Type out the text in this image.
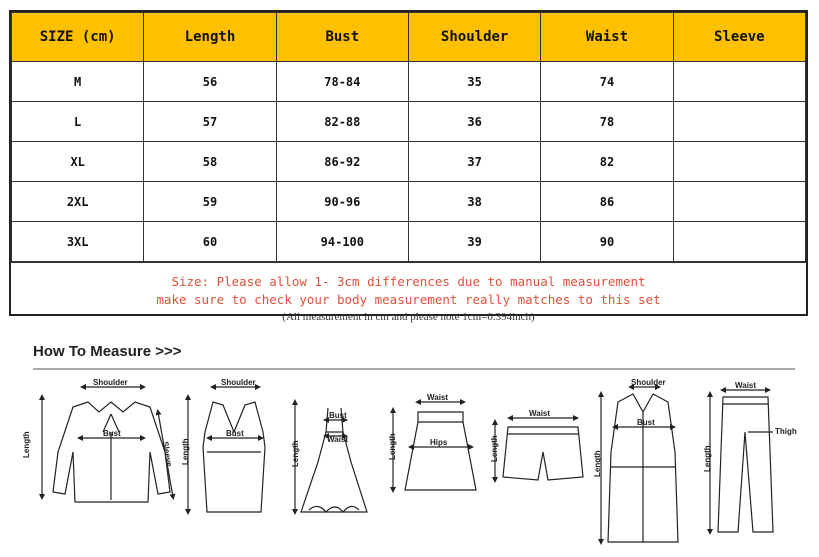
SIZE (cm)	Length	Bust	Shoulder	Waist	Sleeve
M	56	78-84	35	74	
L	57	82-88	36	78	
XL	58	86-92	37	82	
2XL	59	90-96	38	86	
3XL	60	94-100	39	90	
Size: Please allow 1- 3cm differences due to manual measurement
make sure to check your body measurement really matches to this set
(All measurement in cm and please note 1cm=0.394inch)
How To Measure >>>
Shoulder
Bust
Length	Sleeve
Shoulder
Bust
Length
Bust
Waist
Length
Waist
Hips
Length
Waist
Length
Shoulder
Bust
Length
Waist
Thigh
Length
